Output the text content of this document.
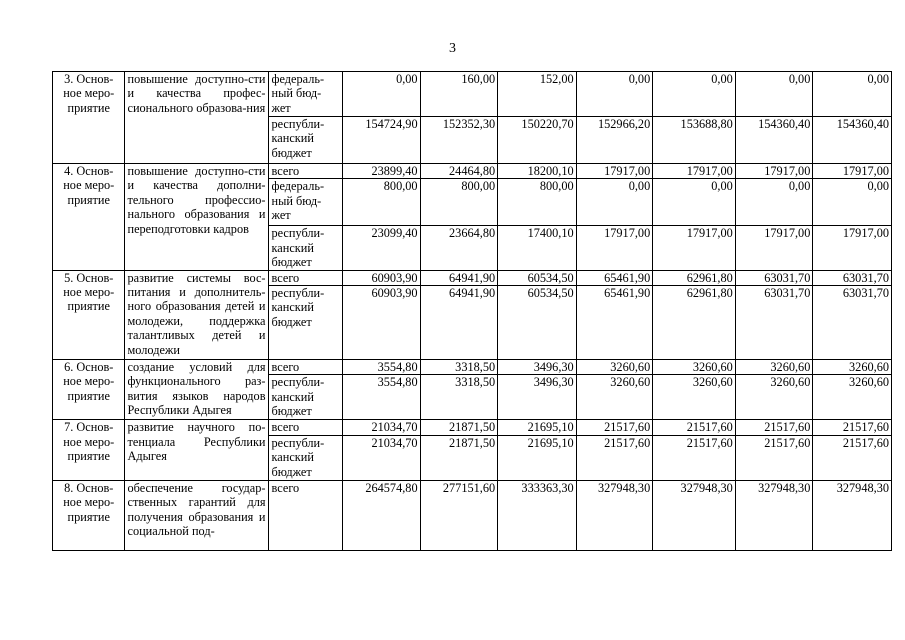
3
3. Основ-ное меро-приятие	повышение доступно-сти и качества профес-сионального образова-ния	федераль-ный бюд-жет	0,00	160,00	152,00	0,00	0,00	0,00	0,00
		республи-канский бюджет	154724,90	152352,30	150220,70	152966,20	153688,80	154360,40	154360,40
4. Основ-ное меро-приятие	повышение доступно-сти и качества дополни-тельного профессио-нального образования и переподготовки кадров	всего	23899,40	24464,80	18200,10	17917,00	17917,00	17917,00	17917,00
		федераль-ный бюд-жет	800,00	800,00	800,00	0,00	0,00	0,00	0,00
		республи-канский бюджет	23099,40	23664,80	17400,10	17917,00	17917,00	17917,00	17917,00
5. Основ-ное меро-приятие	развитие системы вос-питания и дополнитель-ного образования детей и молодежи, поддержка талантливых детей и молодежи	всего	60903,90	64941,90	60534,50	65461,90	62961,80	63031,70	63031,70
		республи-канский бюджет	60903,90	64941,90	60534,50	65461,90	62961,80	63031,70	63031,70
6. Основ-ное меро-приятие	создание условий для функционального раз-вития языков народов Республики Адыгея	всего	3554,80	3318,50	3496,30	3260,60	3260,60	3260,60	3260,60
		республи-канский бюджет	3554,80	3318,50	3496,30	3260,60	3260,60	3260,60	3260,60
7. Основ-ное меро-приятие	развитие научного по-тенциала Республики Адыгея	всего	21034,70	21871,50	21695,10	21517,60	21517,60	21517,60	21517,60
		республи-канский бюджет	21034,70	21871,50	21695,10	21517,60	21517,60	21517,60	21517,60
8. Основ-ное меро-приятие	обеспечение государ-ственных гарантий для получения образования и социальной под-	всего	264574,80	277151,60	333363,30	327948,30	327948,30	327948,30	327948,30
